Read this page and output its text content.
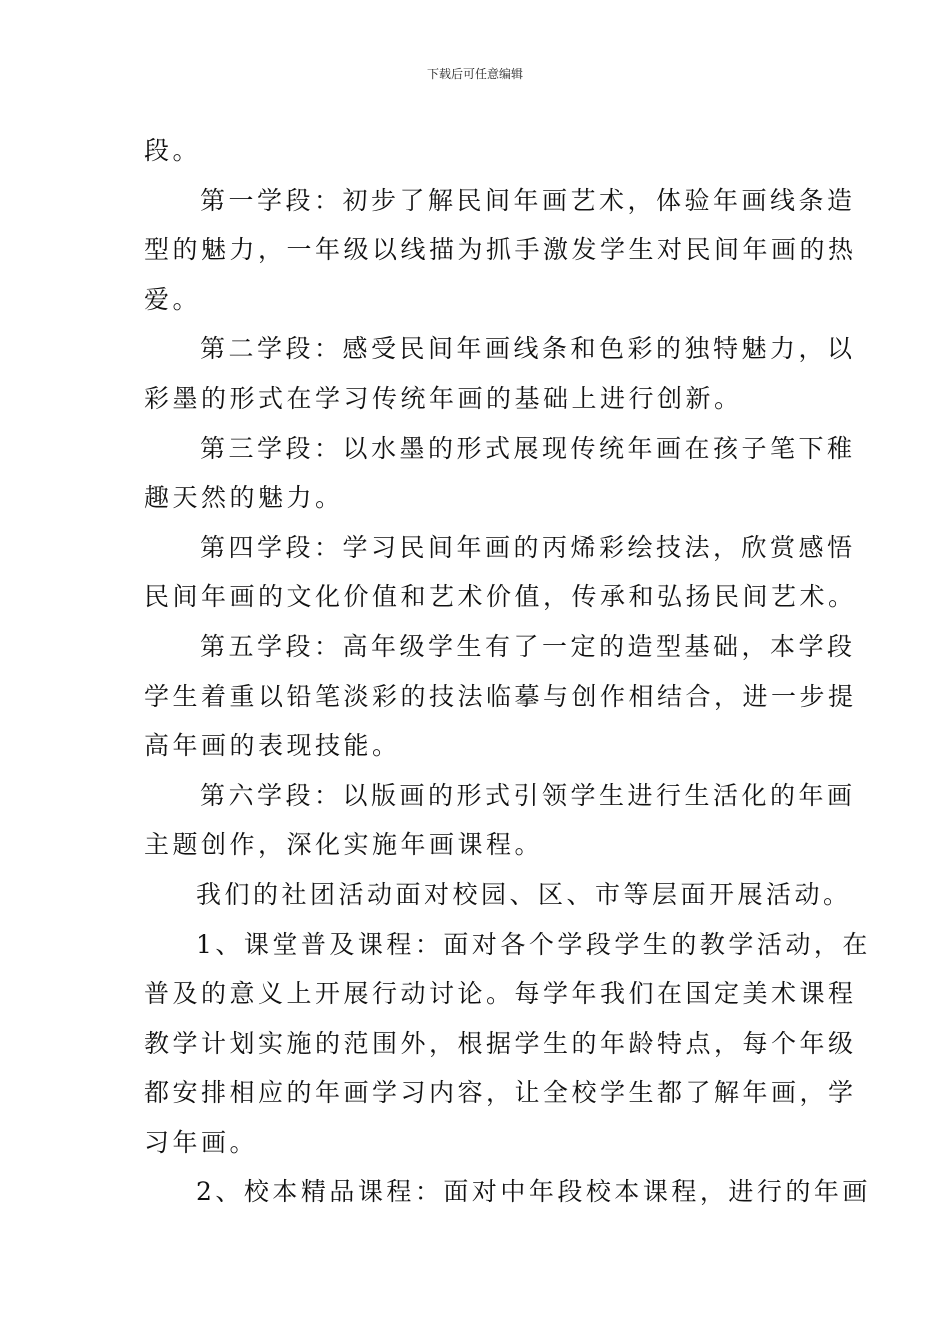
下载后可任意编辑
段。
第一学段：初步了解民间年画艺术，体验年画线条造
型的魅力，一年级以线描为抓手激发学生对民间年画的热
爱。
第二学段：感受民间年画线条和色彩的独特魅力，以
彩墨的形式在学习传统年画的基础上进行创新。
第三学段：以水墨的形式展现传统年画在孩子笔下稚
趣天然的魅力。
第四学段：学习民间年画的丙烯彩绘技法，欣赏感悟
民间年画的文化价值和艺术价值，传承和弘扬民间艺术。
第五学段：高年级学生有了一定的造型基础，本学段
学生着重以铅笔淡彩的技法临摹与创作相结合，进一步提
高年画的表现技能。
第六学段：以版画的形式引领学生进行生活化的年画
主题创作，深化实施年画课程。
我们的社团活动面对校园、区、市等层面开展活动。
1、课堂普及课程：面对各个学段学生的教学活动，在
普及的意义上开展行动讨论。每学年我们在国定美术课程
教学计划实施的范围外，根据学生的年龄特点，每个年级
都安排相应的年画学习内容，让全校学生都了解年画，学
习年画。
2、校本精品课程：面对中年段校本课程，进行的年画
